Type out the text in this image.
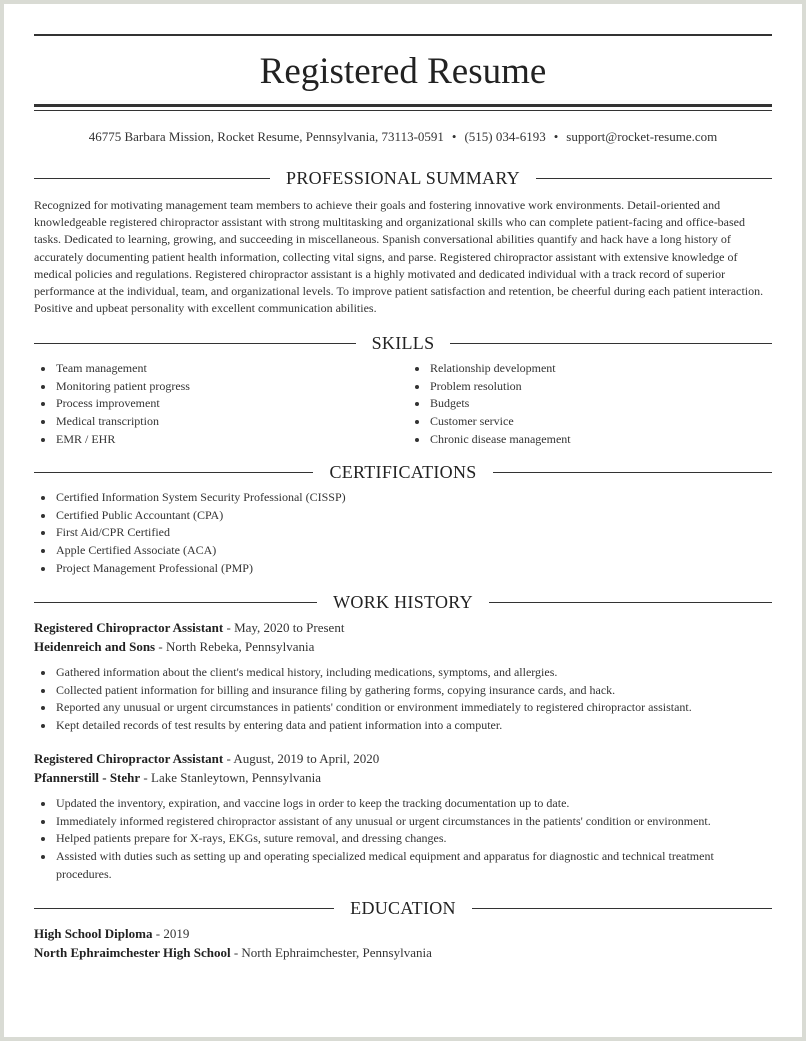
Registered Resume
46775 Barbara Mission, Rocket Resume, Pennsylvania, 73113-0591 • (515) 034-6193 • support@rocket-resume.com
PROFESSIONAL SUMMARY

Recognized for motivating management team members to achieve their goals and fostering innovative work environments. Detail-oriented and knowledgeable registered chiropractor assistant with strong multitasking and organizational skills who can complete patient-facing and office-based tasks. Dedicated to learning, growing, and succeeding in miscellaneous. Spanish conversational abilities quantify and hack have a long history of accurately documenting patient health information, collecting vital signs, and parse. Registered chiropractor assistant with extensive knowledge of medical policies and regulations. Registered chiropractor assistant is a highly motivated and dedicated individual with a track record of superior performance at the individual, team, and organizational levels. To improve patient satisfaction and retention, be cheerful during each patient interaction. Positive and upbeat personality with excellent communication abilities.

SKILLS
Team management
Monitoring patient progress
Process improvement
Medical transcription
EMR / EHR
Relationship development
Problem resolution
Budgets
Customer service
Chronic disease management
CERTIFICATIONS
Certified Information System Security Professional (CISSP)
Certified Public Accountant (CPA)
First Aid/CPR Certified
Apple Certified Associate (ACA)
Project Management Professional (PMP)
WORK HISTORY
Registered Chiropractor Assistant - May, 2020 to Present
Heidenreich and Sons - North Rebeka, Pennsylvania
Gathered information about the client's medical history, including medications, symptoms, and allergies.
Collected patient information for billing and insurance filing by gathering forms, copying insurance cards, and hack.
Reported any unusual or urgent circumstances in patients' condition or environment immediately to registered chiropractor assistant.
Kept detailed records of test results by entering data and patient information into a computer.
Registered Chiropractor Assistant - August, 2019 to April, 2020
Pfannerstill - Stehr - Lake Stanleytown, Pennsylvania
Updated the inventory, expiration, and vaccine logs in order to keep the tracking documentation up to date.
Immediately informed registered chiropractor assistant of any unusual or urgent circumstances in the patients' condition or environment.
Helped patients prepare for X-rays, EKGs, suture removal, and dressing changes.
Assisted with duties such as setting up and operating specialized medical equipment and apparatus for diagnostic and technical treatment procedures.
EDUCATION
High School Diploma - 2019
North Ephraimchester High School - North Ephraimchester, Pennsylvania
